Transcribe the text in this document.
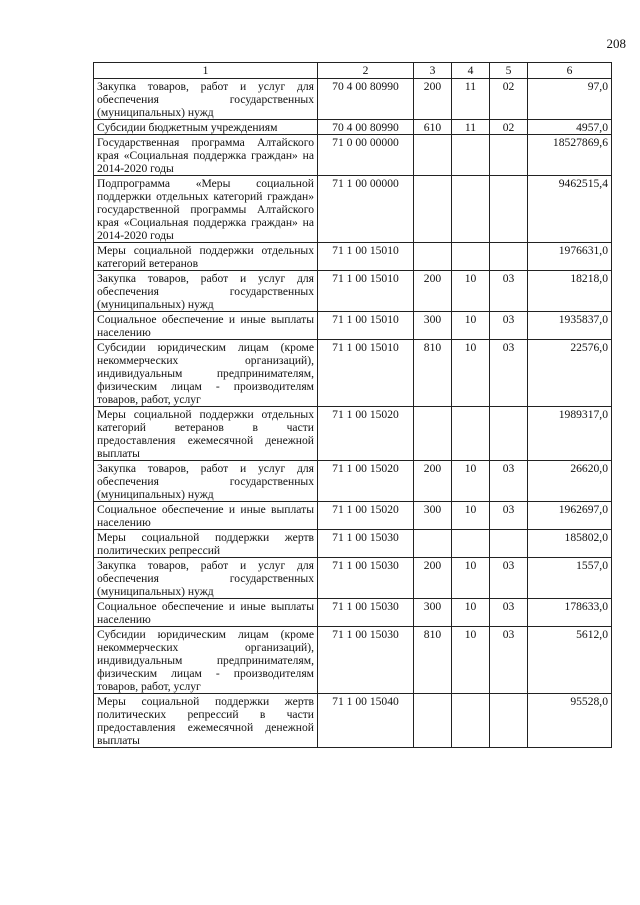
208
1	2	3	4	5	6
Закупка товаров, работ и услуг для обеспечения государственных (муниципальных) нужд	70 4 00 80990	200	11	02	97,0
Субсидии бюджетным учреждениям	70 4 00 80990	610	11	02	4957,0
Государственная программа Алтайского края «Социальная поддержка граждан» на 2014-2020 годы	71 0 00 00000				18527869,6
Подпрограмма «Меры социальной поддержки отдельных категорий граждан» государственной программы Алтайского края «Социальная поддержка граждан» на 2014-2020 годы	71 1 00 00000				9462515,4
Меры социальной поддержки отдельных категорий ветеранов	71 1 00 15010				1976631,0
Закупка товаров, работ и услуг для обеспечения государственных (муниципальных) нужд	71 1 00 15010	200	10	03	18218,0
Социальное обеспечение и иные выплаты населению	71 1 00 15010	300	10	03	1935837,0
Субсидии юридическим лицам (кроме некоммерческих организаций), индивидуальным предпринимателям, физическим лицам - производителям товаров, работ, услуг	71 1 00 15010	810	10	03	22576,0
Меры социальной поддержки отдельных категорий ветеранов в части предоставления ежемесячной денежной выплаты	71 1 00 15020				1989317,0
Закупка товаров, работ и услуг для обеспечения государственных (муниципальных) нужд	71 1 00 15020	200	10	03	26620,0
Социальное обеспечение и иные выплаты населению	71 1 00 15020	300	10	03	1962697,0
Меры социальной поддержки жертв политических репрессий	71 1 00 15030				185802,0
Закупка товаров, работ и услуг для обеспечения государственных (муниципальных) нужд	71 1 00 15030	200	10	03	1557,0
Социальное обеспечение и иные выплаты населению	71 1 00 15030	300	10	03	178633,0
Субсидии юридическим лицам (кроме некоммерческих организаций), индивидуальным предпринимателям, физическим лицам - производителям товаров, работ, услуг	71 1 00 15030	810	10	03	5612,0
Меры социальной поддержки жертв политических репрессий в части предоставления ежемесячной денежной выплаты	71 1 00 15040				95528,0
